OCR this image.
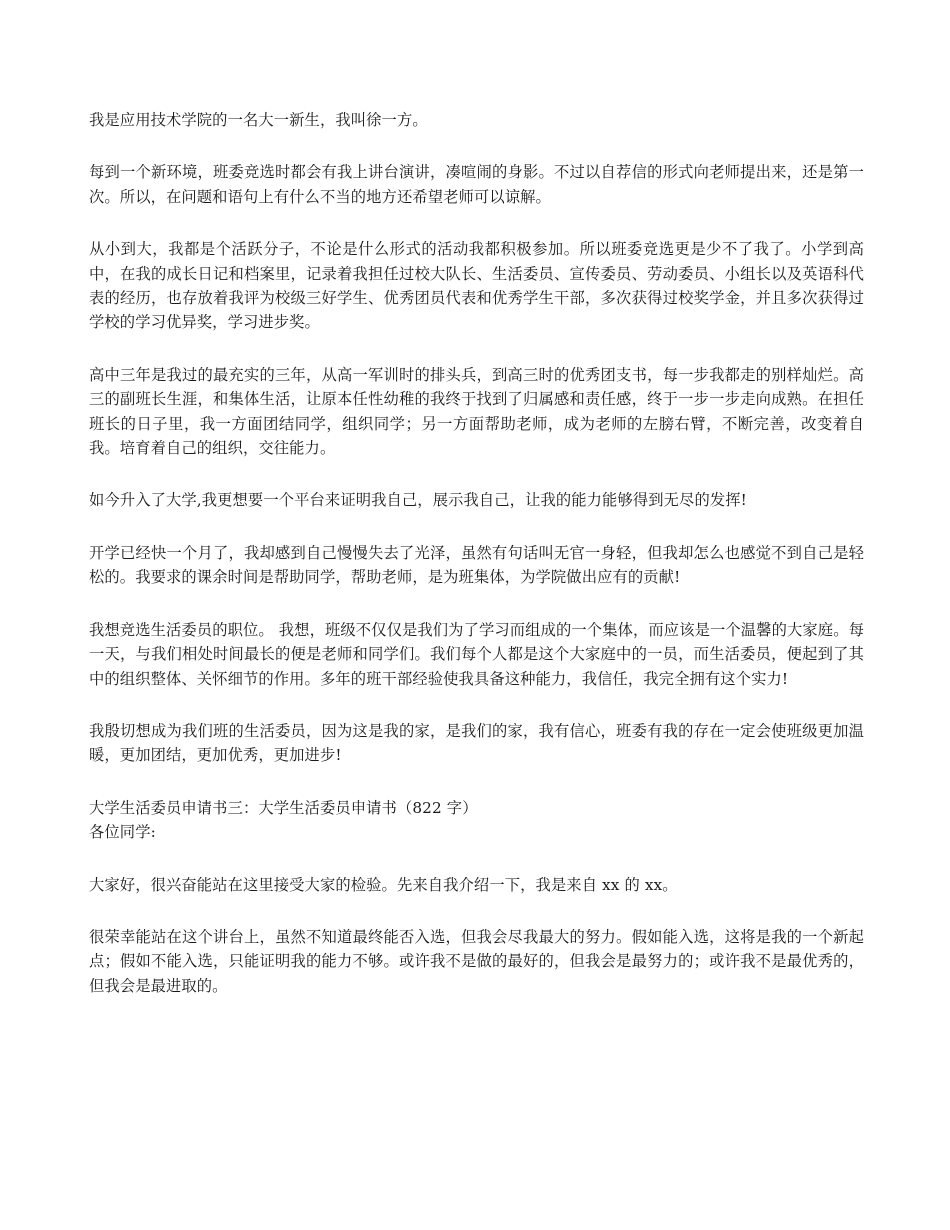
我是应用技术学院的一名大一新生，我叫徐一方。

每到一个新环境，班委竞选时都会有我上讲台演讲，凑喧闹的身影。不过以自荐信的形式向老师提出来，还是第一次。所以，在问题和语句上有什么不当的地方还希望老师可以谅解。

从小到大，我都是个活跃分子，不论是什么形式的活动我都积极参加。所以班委竞选更是少不了我了。小学到高中，在我的成长日记和档案里，记录着我担任过校大队长、生活委员、宣传委员、劳动委员、小组长以及英语科代表的经历，也存放着我评为校级三好学生、优秀团员代表和优秀学生干部，多次获得过校奖学金，并且多次获得过学校的学习优异奖，学习进步奖。

高中三年是我过的最充实的三年，从高一军训时的排头兵，到高三时的优秀团支书，每一步我都走的别样灿烂。高三的副班长生涯，和集体生活，让原本任性幼稚的我终于找到了归属感和责任感，终于一步一步走向成熟。在担任班长的日子里，我一方面团结同学，组织同学；另一方面帮助老师，成为老师的左膀右臂，不断完善，改变着自我。培育着自己的组织，交往能力。

如今升入了大学,我更想要一个平台来证明我自己，展示我自己，让我的能力能够得到无尽的发挥!

开学已经快一个月了，我却感到自己慢慢失去了光泽，虽然有句话叫无官一身轻，但我却怎么也感觉不到自己是轻松的。我要求的课余时间是帮助同学，帮助老师，是为班集体，为学院做出应有的贡献!

我想竞选生活委员的职位。 我想，班级不仅仅是我们为了学习而组成的一个集体，而应该是一个温馨的大家庭。每一天，与我们相处时间最长的便是老师和同学们。我们每个人都是这个大家庭中的一员，而生活委员，便起到了其中的组织整体、关怀细节的作用。多年的班干部经验使我具备这种能力，我信任，我完全拥有这个实力!

我殷切想成为我们班的生活委员，因为这是我的家，是我们的家，我有信心，班委有我的存在一定会使班级更加温暖，更加团结，更加优秀，更加进步!

大学生活委员申请书三：大学生活委员申请书（822 字）

各位同学:

大家好，很兴奋能站在这里接受大家的检验。先来自我介绍一下，我是来自 xx 的 xx。

很荣幸能站在这个讲台上，虽然不知道最终能否入选，但我会尽我最大的努力。假如能入选，这将是我的一个新起点；假如不能入选，只能证明我的能力不够。或许我不是做的最好的，但我会是最努力的；或许我不是最优秀的，但我会是最进取的。
